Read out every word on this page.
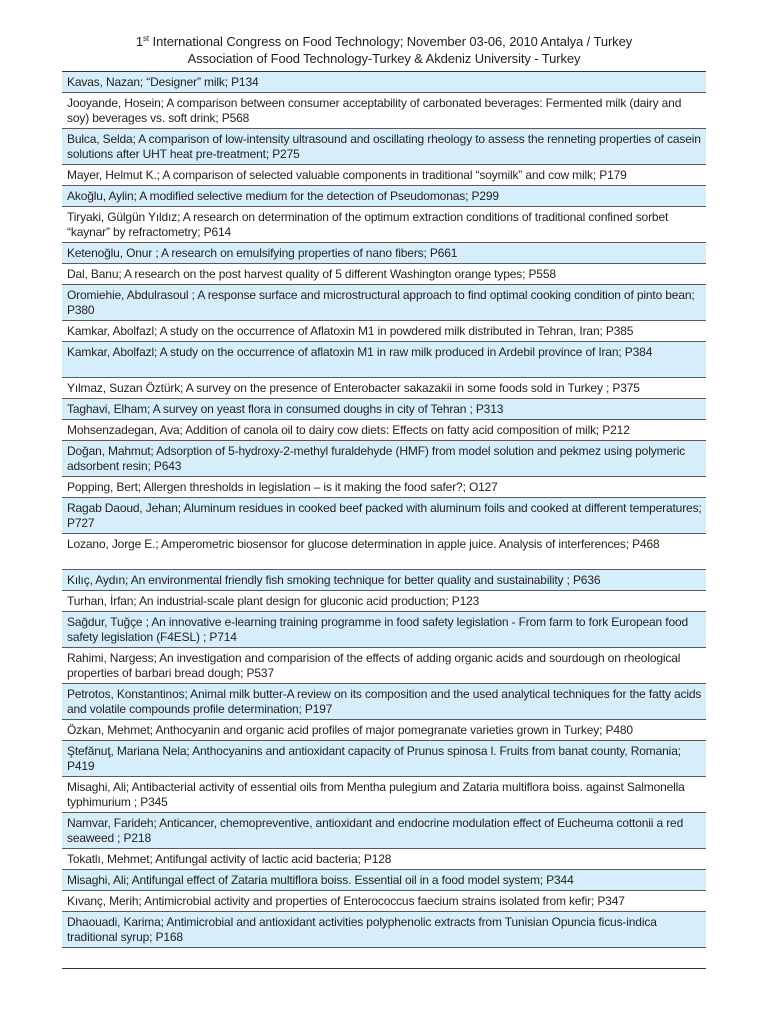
1st International Congress on Food Technology; November 03-06, 2010 Antalya / Turkey
Association of Food Technology-Turkey & Akdeniz University - Turkey
Kavas, Nazan; “Designer” milk; P134
Jooyande, Hosein; A comparison between consumer acceptability of carbonated beverages: Fermented milk (dairy and soy) beverages vs. soft drink; P568
Bulca, Selda; A comparison of low-intensity ultrasound and oscillating rheology to assess the renneting properties of casein solutions after UHT heat pre-treatment; P275
Mayer, Helmut K.; A comparison of selected valuable components in traditional “soymilk” and cow milk; P179
Akoğlu, Aylin; A modified selective medium for the detection of Pseudomonas; P299
Tiryaki, Gülgün Yıldız; A research on determination of the optimum extraction conditions of traditional confined sorbet “kaynar” by refractometry; P614
Ketenoğlu, Onur ; A research on emulsifying properties of nano fibers; P661
Dal, Banu; A research on the post harvest quality of 5 different Washington orange types; P558
Oromiehie, Abdulrasoul ; A response surface and microstructural approach to find optimal cooking condition of pinto bean; P380
Kamkar, Abolfazl; A study on the occurrence of Aflatoxin M1 in powdered milk distributed in Tehran, Iran; P385
Kamkar, Abolfazl; A study on the occurrence of aflatoxin M1 in raw milk produced in Ardebil province of Iran; P384
Yılmaz, Suzan Öztürk; A survey on the presence of Enterobacter sakazakii in some foods sold in Turkey ; P375
Taghavi, Elham; A survey on yeast flora in consumed doughs in city of Tehran ; P313
Mohsenzadegan, Ava; Addition of canola oil to dairy cow diets: Effects on fatty acid composition of milk; P212
Doğan, Mahmut; Adsorption of 5-hydroxy-2-methyl furaldehyde (HMF) from model solution and pekmez using polymeric adsorbent resin; P643
Popping, Bert; Allergen thresholds in legislation – is it making the food safer?; O127
Ragab Daoud, Jehan; Aluminum residues in cooked beef packed with aluminum foils and cooked at different temperatures; P727
Lozano, Jorge E.; Amperometric biosensor for glucose determination in apple juice. Analysis of interferences; P468
Kılıç, Aydın; An environmental friendly fish smoking technique for better quality and sustainability ; P636
Turhan, İrfan; An industrial-scale plant design for gluconic acid production; P123
Sağdur, Tuğçe ; An innovative e-learning training programme in food safety legislation - From farm to fork European food safety legislation (F4ESL) ; P714
Rahimi, Nargess; An investigation and comparision of the effects of adding organic acids and sourdough on rheological properties of barbari bread dough; P537
Petrotos, Konstantinos; Animal milk butter-A review on its composition and the used analytical techniques for the fatty acids and volatile compounds profile determination; P197
Özkan, Mehmet; Anthocyanin and organic acid profiles of major pomegranate varieties grown in Turkey; P480
Ştefănuţ, Mariana Nela; Anthocyanins and antioxidant capacity of Prunus spinosa l. Fruits from banat county, Romania; P419
Misaghi, Ali; Antibacterial activity of essential oils from Mentha pulegium and Zataria multiflora boiss. against Salmonella typhimurium ; P345
Namvar, Farideh; Anticancer, chemopreventive, antioxidant and endocrine modulation effect of Eucheuma cottonii a red seaweed ; P218
Tokatlı, Mehmet; Antifungal activity of lactic acid bacteria; P128
Misaghi, Ali; Antifungal effect of Zataria multiflora boiss. Essential oil in a food model system; P344
Kıvanç, Merih; Antimicrobial activity and properties of Enterococcus faecium strains isolated from kefir; P347
Dhaouadi, Karima; Antimicrobial and antioxidant activities polyphenolic extracts from Tunisian Opuncia ficus-indica traditional syrup; P168
